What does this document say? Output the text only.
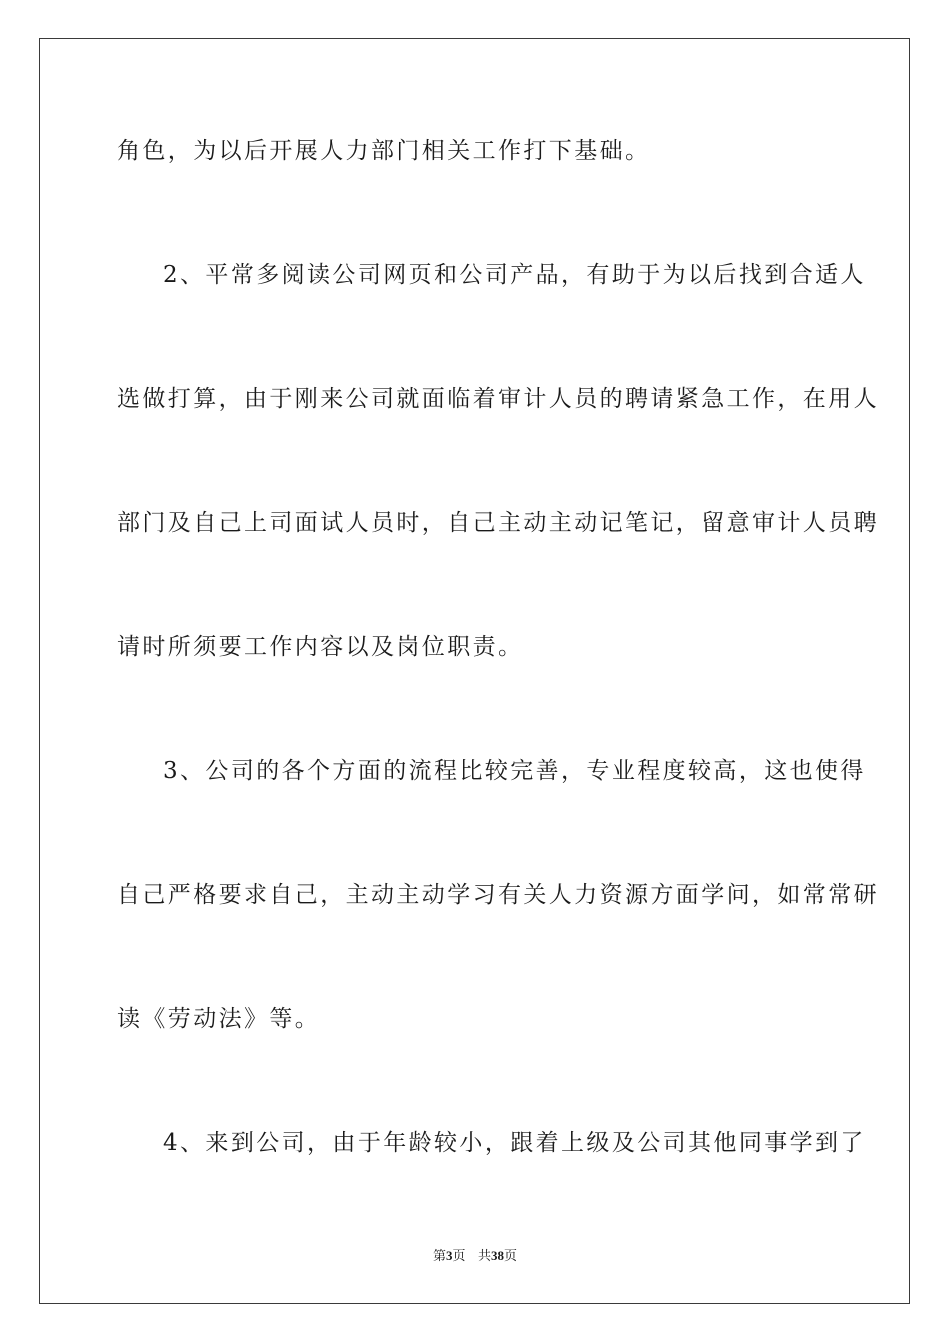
角色，为以后开展人力部门相关工作打下基础。
2、平常多阅读公司网页和公司产品，有助于为以后找到合适人
选做打算，由于刚来公司就面临着审计人员的聘请紧急工作，在用人
部门及自己上司面试人员时，自己主动主动记笔记，留意审计人员聘
请时所须要工作内容以及岗位职责。
3、公司的各个方面的流程比较完善，专业程度较高，这也使得
自己严格要求自己，主动主动学习有关人力资源方面学问，如常常研
读《劳动法》等。
4、来到公司，由于年龄较小，跟着上级及公司其他同事学到了
第3页 共38页
